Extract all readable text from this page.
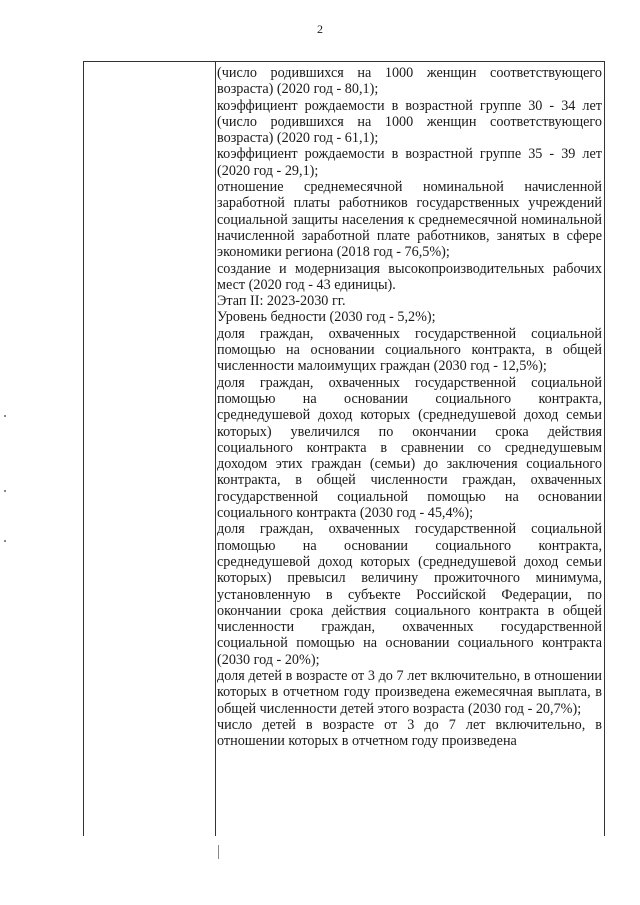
2

(число родившихся на 1000 женщин соответствующего возраста) (2020 год - 80,1);

коэффициент рождаемости в возрастной группе 30 - 34 лет (число родившихся на 1000 женщин соответствующего возраста) (2020 год - 61,1);

коэффициент рождаемости в возрастной группе 35 - 39 лет (2020 год - 29,1);

отношение среднемесячной номинальной начисленной заработной платы работников государственных учреждений социальной защиты населения к среднемесячной номинальной начисленной заработной плате работников, занятых в сфере экономики региона (2018 год - 76,5%);

создание и модернизация высокопроизводительных рабочих мест (2020 год - 43 единицы).

Этап II: 2023-2030 гг.

Уровень бедности (2030 год - 5,2%);

доля граждан, охваченных государственной социальной помощью на основании социального контракта, в общей численности малоимущих граждан (2030 год - 12,5%);

доля граждан, охваченных государственной социальной помощью на основании социального контракта, среднедушевой доход которых (среднедушевой доход семьи которых) увеличился по окончании срока действия социального контракта в сравнении со среднедушевым доходом этих граждан (семьи) до заключения социального контракта, в общей численности граждан, охваченных государственной социальной помощью на основании социального контракта (2030 год - 45,4%);

доля граждан, охваченных государственной социальной помощью на основании социального контракта, среднедушевой доход которых (среднедушевой доход семьи которых) превысил величину прожиточного минимума, установленную в субъекте Российской Федерации, по окончании срока действия социального контракта в общей численности граждан, охваченных государственной социальной помощью на основании социального контракта (2030 год - 20%);

доля детей в возрасте от 3 до 7 лет включительно, в отношении которых в отчетном году произведена ежемесячная выплата, в общей численности детей этого возраста (2030 год - 20,7%);

число детей в возрасте от 3 до 7 лет включительно, в отношении которых в отчетном году произведена
